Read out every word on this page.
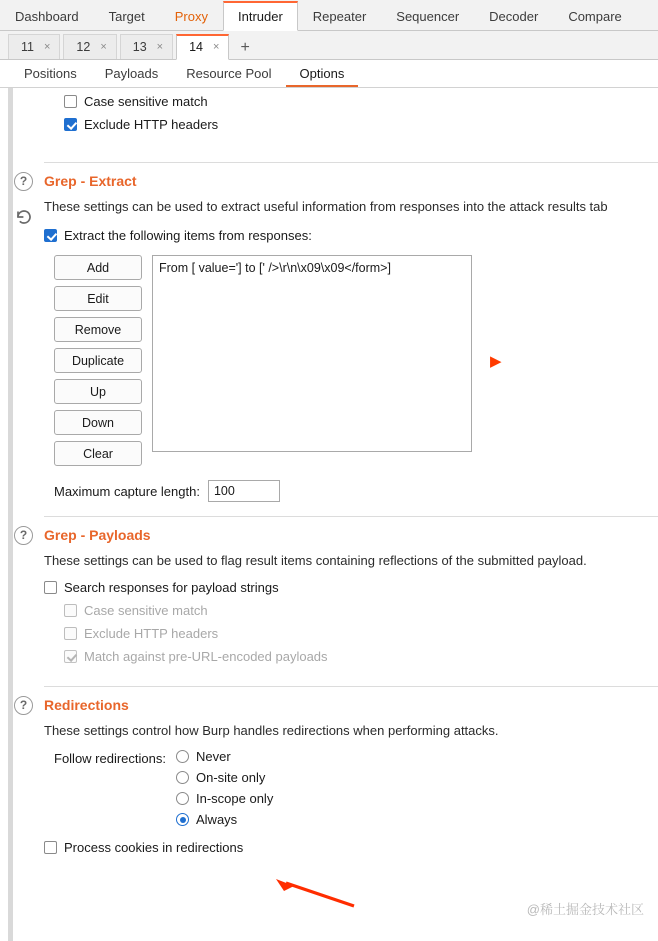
Dashboard	Target	Proxy	Intruder	Repeater	Sequencer	Decoder	Compare
11 × 12 × 13 × 14 ×	+
Positions	Payloads	Resource Pool	Options
Case sensitive match
Exclude HTTP headers
?	Grep - Extract
These settings can be used to extract useful information from responses into the attack results tab
Extract the following items from responses:
Add
Edit
Remove
Duplicate
Up
Down
Clear
From [ value='] to [' />\r\n\x09\x09</form>]
▶
Maximum capture length:
100
?	Grep - Payloads
These settings can be used to flag result items containing reflections of the submitted payload.
Search responses for payload strings
Case sensitive match
Exclude HTTP headers
Match against pre-URL-encoded payloads
?	Redirections
These settings control how Burp handles redirections when performing attacks.
Follow redirections: Never
On-site only
In-scope only
Always
Process cookies in redirections
@稀土掘金技术社区
